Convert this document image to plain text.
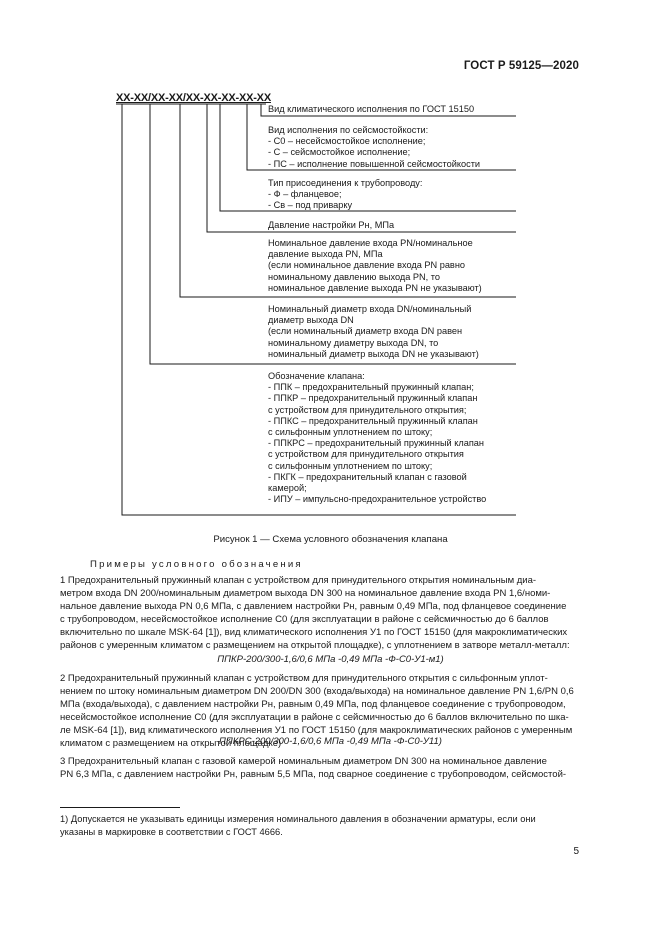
ГОСТ Р 59125—2020
XX-XX/XX-XX/XX-XX-XX-XX-XX
Вид климатического исполнения по ГОСТ 15150
Вид исполнения по сейсмостойкости:
- С0 – несейсмостойкое исполнение;
- С – сейсмостойкое исполнение;
- ПС – исполнение повышенной сейсмостойкости
Тип присоединения к трубопроводу:
- Ф – фланцевое;
- Св – под приварку
Давление настройки Pн, МПа
Номинальное давление входа PN/номинальное
давление выхода PN, МПа
(если номинальное давление входа PN равно
номинальному давлению выхода PN, то
номинальное давление выхода PN не указывают)
Номинальный диаметр входа DN/номинальный
диаметр выхода DN
(если номинальный диаметр входа DN равен
номинальному диаметру выхода DN, то
номинальный диаметр выхода DN не указывают)
Обозначение клапана:
- ППК – предохранительный пружинный клапан;
- ППКР – предохранительный пружинный клапан
с устройством для принудительного открытия;
- ППКС – предохранительный пружинный клапан
с сильфонным уплотнением по штоку;
- ППКРС – предохранительный пружинный клапан
с устройством для принудительного открытия
с сильфонным уплотнением по штоку;
- ПКГК – предохранительный клапан с газовой
камерой;
- ИПУ – импульсно-предохранительное устройство
Рисунок 1 — Схема условного обозначения клапана
Примеры условного обозначения
1 Предохранительный пружинный клапан с устройством для принудительного открытия номинальным диа-
метром входа DN 200/номинальным диаметром выхода DN 300 на номинальное давление входа PN 1,6/номи-
нальное давление выхода PN 0,6 МПа, с давлением настройки Pн, равным 0,49 МПа, под фланцевое соединение
с трубопроводом, несейсмостойкое исполнение С0 (для эксплуатации в районе с сейсмичностью до 6 баллов
включительно по шкале MSK-64 [1]), вид климатического исполнения У1 по ГОСТ 15150 (для макроклиматических
районов с умеренным климатом с размещением на открытой площадке), с уплотнением в затворе металл-металл:
ППКР-200/300-1,6/0,6 МПа -0,49 МПа -Ф-С0-У1-м1)
2 Предохранительный пружинный клапан с устройством для принудительного открытия с сильфонным уплот-
нением по штоку номинальным диаметром DN 200/DN 300 (входа/выхода) на номинальное давление PN 1,6/PN 0,6
МПа (входа/выхода), с давлением настройки Pн, равным 0,49 МПа, под фланцевое соединение с трубопроводом,
несейсмостойкое исполнение С0 (для эксплуатации в районе с сейсмичностью до 6 баллов включительно по шка-
ле MSK-64 [1]), вид климатического исполнения У1 по ГОСТ 15150 (для макроклиматических районов с умеренным
климатом с размещением на открытой площадке)
ППКРС-200/300-1,6/0,6 МПа -0,49 МПа -Ф-С0-У11)
3 Предохранительный клапан с газовой камерой номинальным диаметром DN 300 на номинальное давление
PN 6,3 МПа, с давлением настройки Pн, равным 5,5 МПа, под сварное соединение с трубопроводом, сейсмостой-
1) Допускается не указывать единицы измерения номинального давления в обозначении арматуры, если они
указаны в маркировке в соответствии с ГОСТ 4666.
5
